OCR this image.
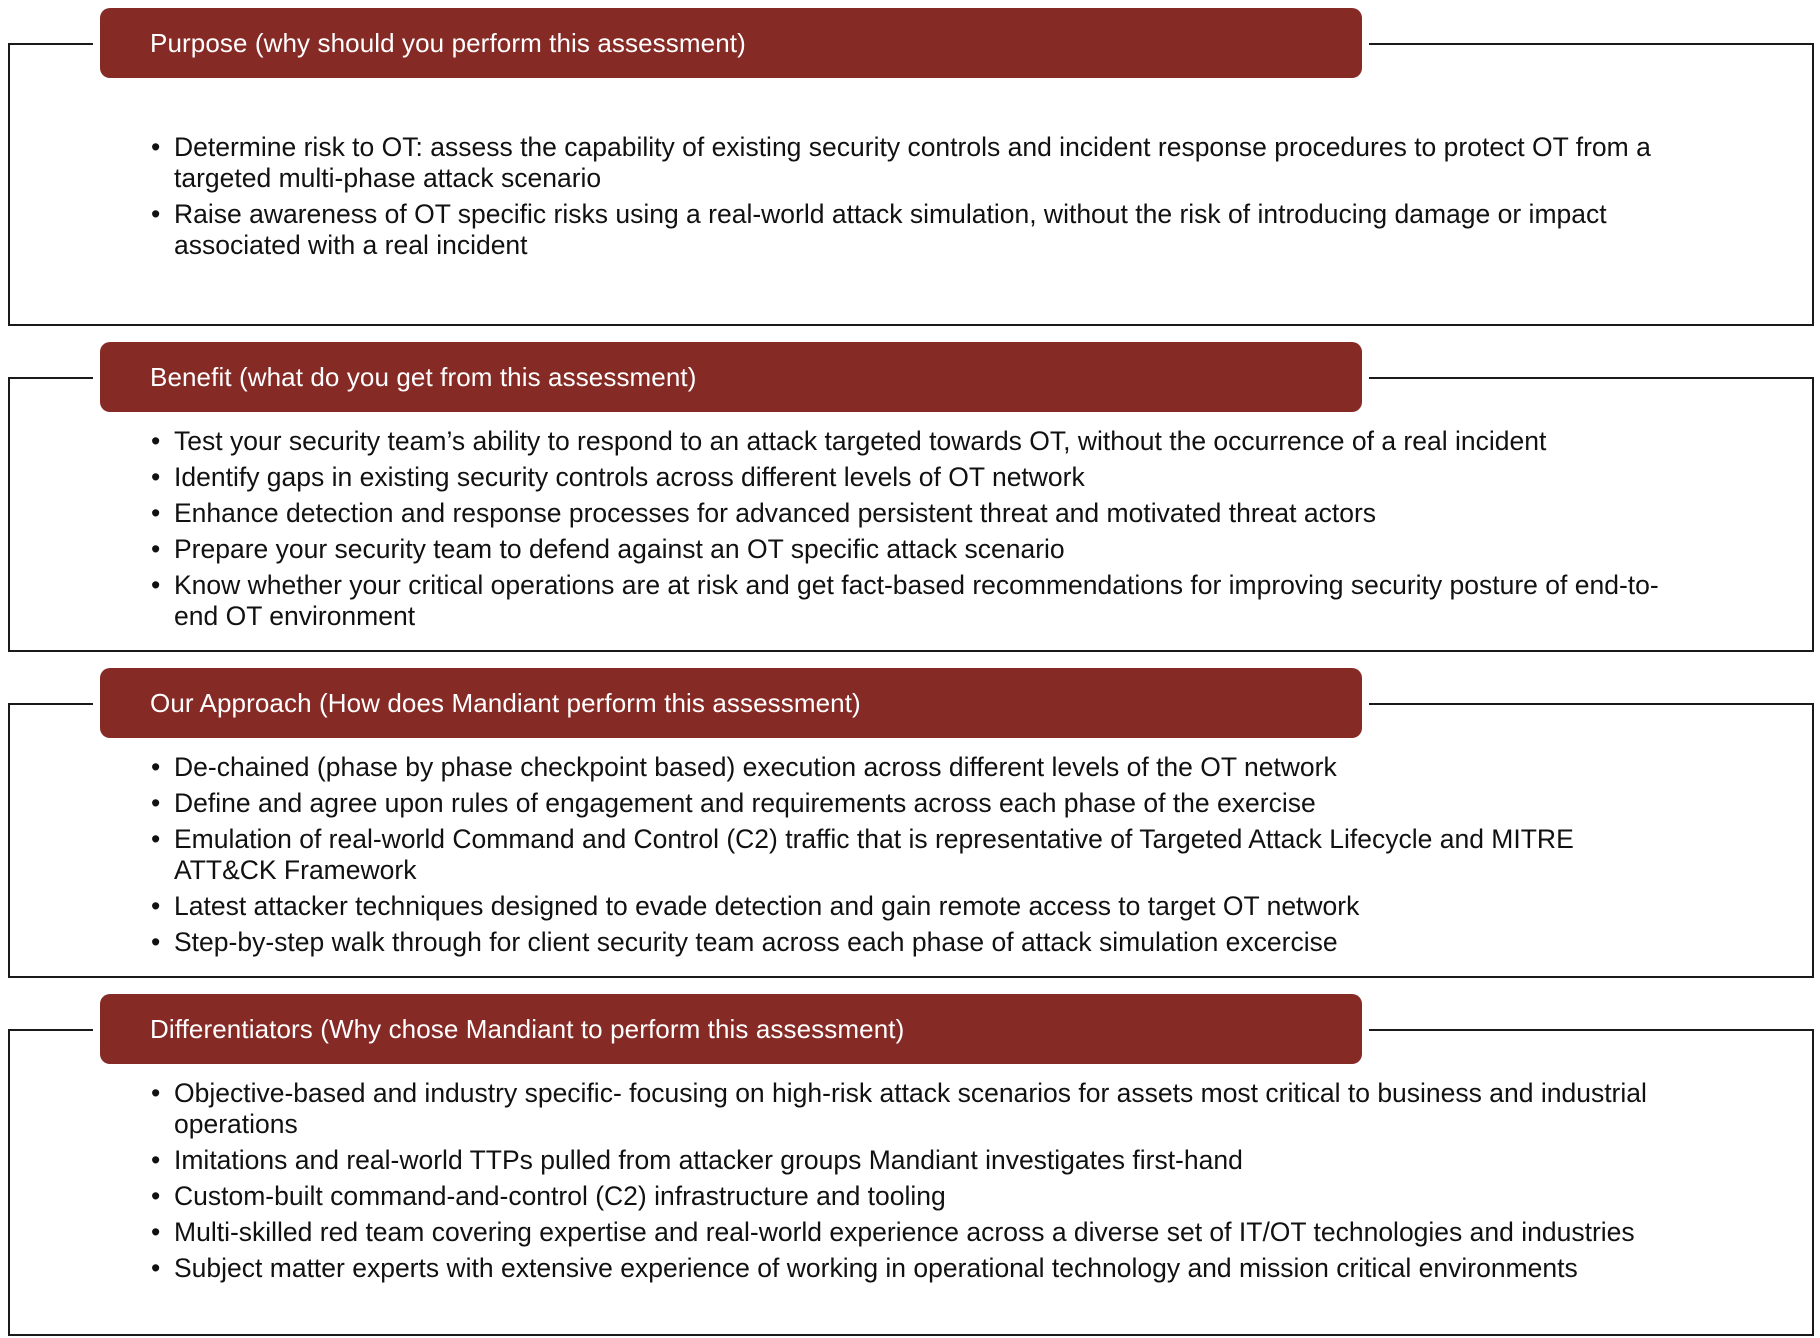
Purpose (why should you perform this assessment)
• Determine risk to OT: assess the capability of existing security controls and incident response procedures to protect OT from a targeted multi-phase attack scenario
• Raise awareness of OT specific risks using a real-world attack simulation, without the risk of introducing damage or impact associated with a real incident
Benefit (what do you get from this assessment)
• Test your security team’s ability to respond to an attack targeted towards OT, without the occurrence of a real incident
• Identify gaps in existing security controls across different levels of OT network
• Enhance detection and response processes for advanced persistent threat and motivated threat actors
• Prepare your security team to defend against an OT specific attack scenario
• Know whether your critical operations are at risk and get fact-based recommendations for improving security posture of end-to-end OT environment
Our Approach (How does Mandiant perform this assessment)
• De-chained (phase by phase checkpoint based) execution across different levels of the OT network
• Define and agree upon rules of engagement and requirements across each phase of the exercise
• Emulation of real-world Command and Control (C2) traffic that is representative of Targeted Attack Lifecycle and MITRE ATT&CK Framework
• Latest attacker techniques designed to evade detection and gain remote access to target OT network
• Step-by-step walk through for client security team across each phase of attack simulation excercise
Differentiators (Why chose Mandiant to perform this assessment)
• Objective-based and industry specific- focusing on high-risk attack scenarios for assets most critical to business and industrial operations
• Imitations and real-world TTPs pulled from attacker groups Mandiant investigates first-hand
• Custom-built command-and-control (C2) infrastructure and tooling
• Multi-skilled red team covering expertise and real-world experience across a diverse set of IT/OT technologies and industries
• Subject matter experts with extensive experience of working in operational technology and mission critical environments
